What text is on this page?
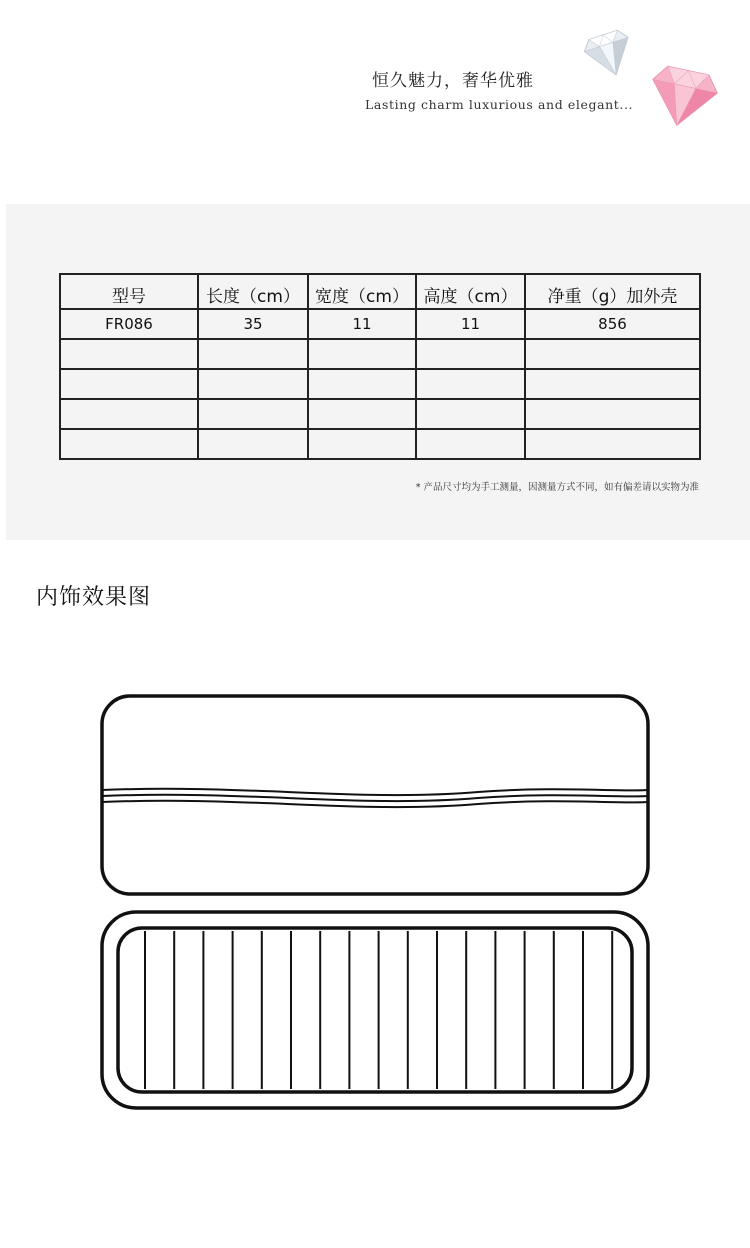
恒久魅力，奢华优雅
Lasting charm luxurious and elegant...
型号	长度（cm）	宽度（cm）	高度（cm）	净重（g）加外壳
FR086	35	11	11	856

* 产品尺寸均为手工测量，因测量方式不同，如有偏差请以实物为准
内饰效果图
